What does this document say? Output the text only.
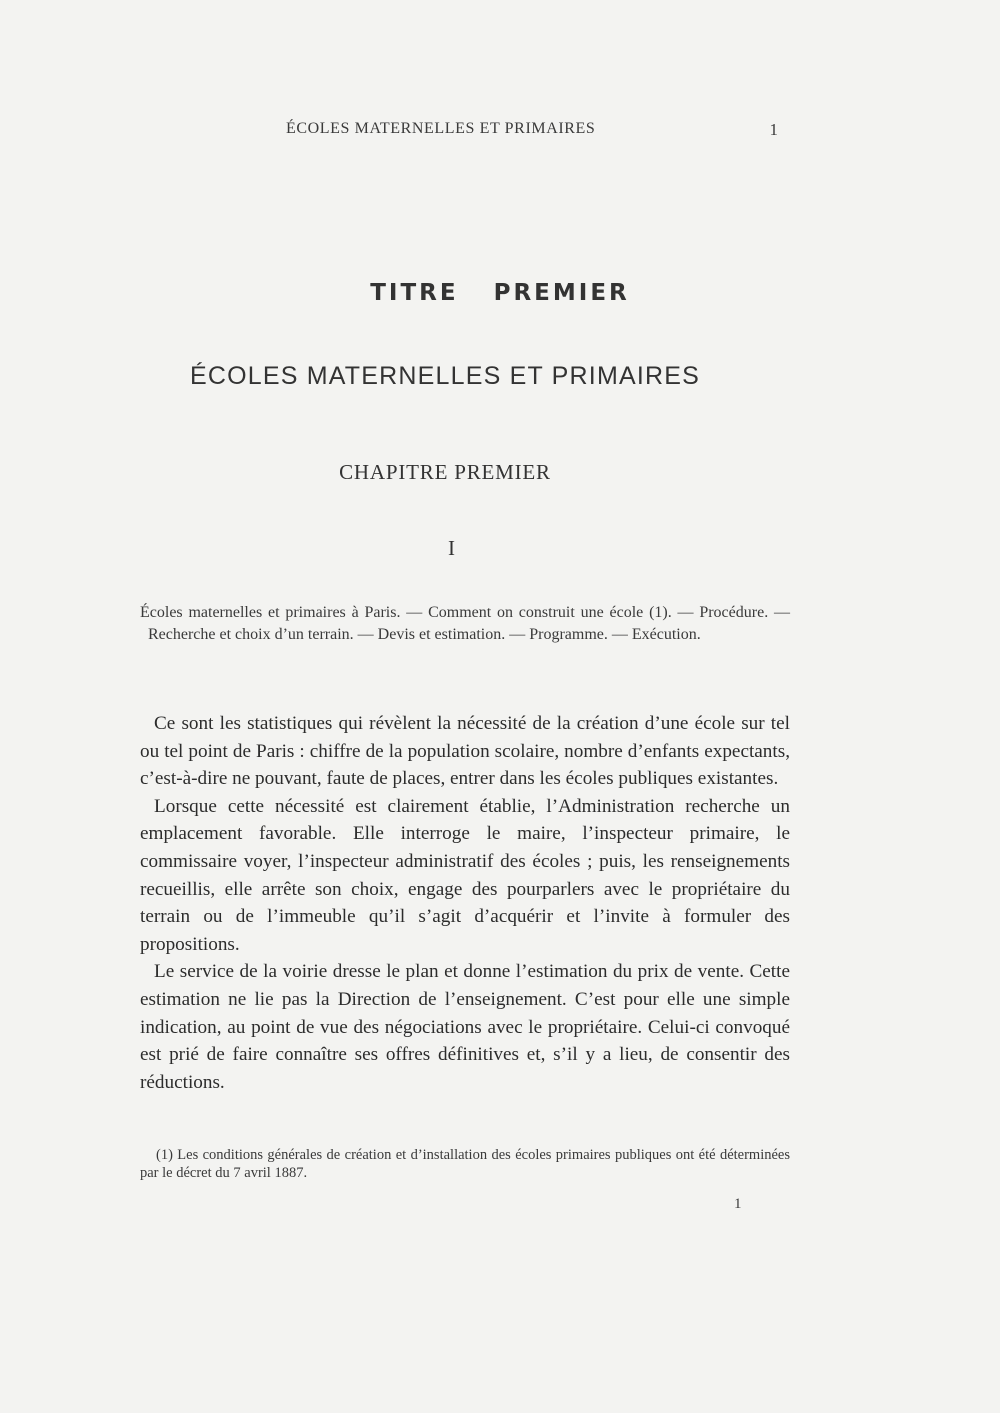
ÉCOLES MATERNELLES ET PRIMAIRES	1
TITRE PREMIER
ÉCOLES MATERNELLES ET PRIMAIRES
CHAPITRE PREMIER
I

Écoles maternelles et primaires à Paris. — Comment on construit une école (1). — Procédure. — Recherche et choix d’un terrain. — Devis et estimation. — Programme. — Exécution.

Ce sont les statistiques qui révèlent la nécessité de la création d’une école sur tel ou tel point de Paris : chiffre de la population scolaire, nombre d’enfants expectants, c’est-à-dire ne pouvant, faute de places, entrer dans les écoles publiques existantes.

Lorsque cette nécessité est clairement établie, l’Administration recherche un emplacement favorable. Elle interroge le maire, l’inspecteur primaire, le commissaire voyer, l’inspecteur administratif des écoles ; puis, les renseignements recueillis, elle arrête son choix, engage des pourparlers avec le propriétaire du terrain ou de l’immeuble qu’il s’agit d’acquérir et l’invite à formuler des propositions.

Le service de la voirie dresse le plan et donne l’estimation du prix de vente. Cette estimation ne lie pas la Direction de l’enseignement. C’est pour elle une simple indication, au point de vue des négociations avec le propriétaire. Celui-ci convoqué est prié de faire connaître ses offres définitives et, s’il y a lieu, de consentir des réductions.

(1) Les conditions générales de création et d’installation des écoles primaires publiques ont été déterminées par le décret du 7 avril 1887.

1
